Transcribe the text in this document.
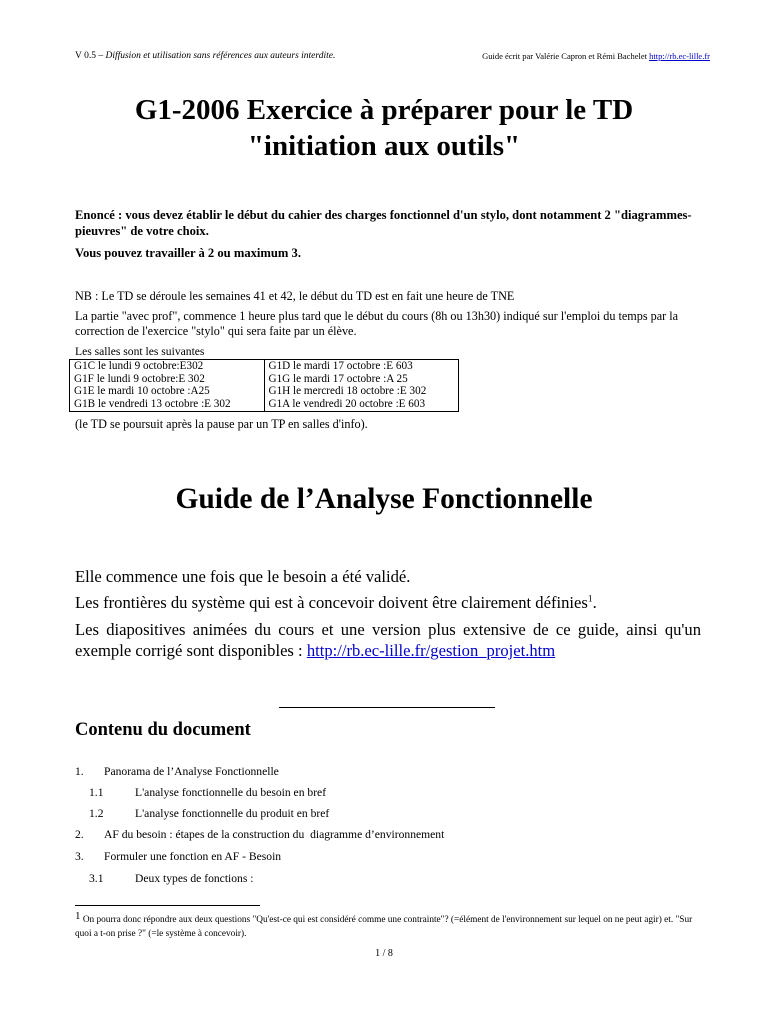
V 0.5 – Diffusion et utilisation sans références aux auteurs interdite.	Guide écrit par Valérie Capron et Rémi Bachelet http://rb.ec-lille.fr
G1-2006 Exercice à préparer pour le TD
"initiation aux outils"
Enoncé : vous devez établir le début du cahier des charges fonctionnel d'un stylo, dont notamment 2 "diagrammes-pieuvres" de votre choix.
Vous pouvez travailler à 2 ou maximum 3.
NB : Le TD se déroule les semaines 41 et 42, le début du TD est en fait une heure de TNE
La partie "avec prof", commence 1 heure plus tard que le début du cours (8h ou 13h30) indiqué sur l'emploi du temps par la correction de l'exercice "stylo" qui sera faite par un élève.
Les salles sont les suivantes
G1C le lundi 9 octobre:E302	G1D le mardi 17 octobre :E 603
G1F le lundi 9 octobre:E 302	G1G le mardi 17 octobre :A 25
G1E le mardi 10 octobre :A25	G1H le mercredi 18 octobre :E 302
G1B le vendredi 13 octobre :E 302	G1A le vendredi 20 octobre :E 603
(le TD se poursuit après la pause par un TP en salles d'info).
Guide de l’Analyse Fonctionnelle
Elle commence une fois que le besoin a été validé.
Les frontières du système qui est à concevoir doivent être clairement définies$^1$.
Les diapositives animées du cours et une version plus extensive de ce guide, ainsi qu'un exemple corrigé sont disponibles : http://rb.ec-lille.fr/gestion_projet.htm
Contenu du document
1. Panorama de l’Analyse Fonctionnelle
1.1	L'analyse fonctionnelle du besoin en bref
1.2	L'analyse fonctionnelle du produit en bref
2. AF du besoin : étapes de la construction du  diagramme d’environnement
3. Formuler une fonction en AF - Besoin
3.1	Deux types de fonctions :
1 On pourra donc répondre aux deux questions "Qu'est-ce qui est considéré comme une contrainte"? (=élément de l'environnement sur lequel on ne peut agir) et. "Sur quoi a t-on prise ?" (=le système à concevoir).
1 / 8
